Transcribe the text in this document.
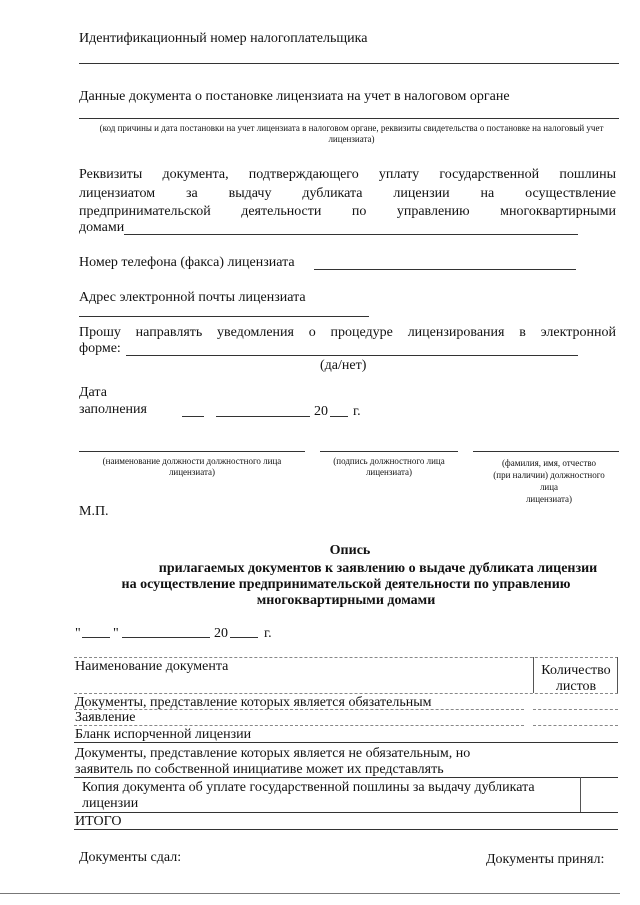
Идентификационный номер налогоплательщика
Данные документа о постановке лицензиата на учет в налоговом органе
(код причины и дата постановки на учет лицензиата в налоговом органе, реквизиты свидетельства о постановке на налоговый учет лицензиата)
Реквизиты документа, подтверждающего уплату государственной пошлины
лицензиатом за выдачу дубликата лицензии на осуществление
предпринимательской деятельности по управлению многоквартирными
домами
Номер телефона (факса) лицензиата
Адрес электронной почты лицензиата
Прошу направлять уведомления о процедуре лицензирования в электронной
форме:
(да/нет)
Дата
заполнения	20 г.
(наименование должности должностного лица лицензиата)
(подпись должностного лица лицензиата)
(фамилия, имя, отчество
(при наличии) должностного
лица
лицензиата)
М.П.
Опись
прилагаемых документов к заявлению о выдаче дубликата лицензии
на осуществление предпринимательской деятельности по управлению
многоквартирными домами
" "	20	г.
Наименование документа	Количество
листов
Документы, представление которых является обязательным
Заявление
Бланк испорченной лицензии
Документы, представление которых является не обязательным, но
заявитель по собственной инициативе может их представлять
Копия документа об уплате государственной пошлины за выдачу дубликата
лицензии
ИТОГО
Документы сдал:	Документы принял:
